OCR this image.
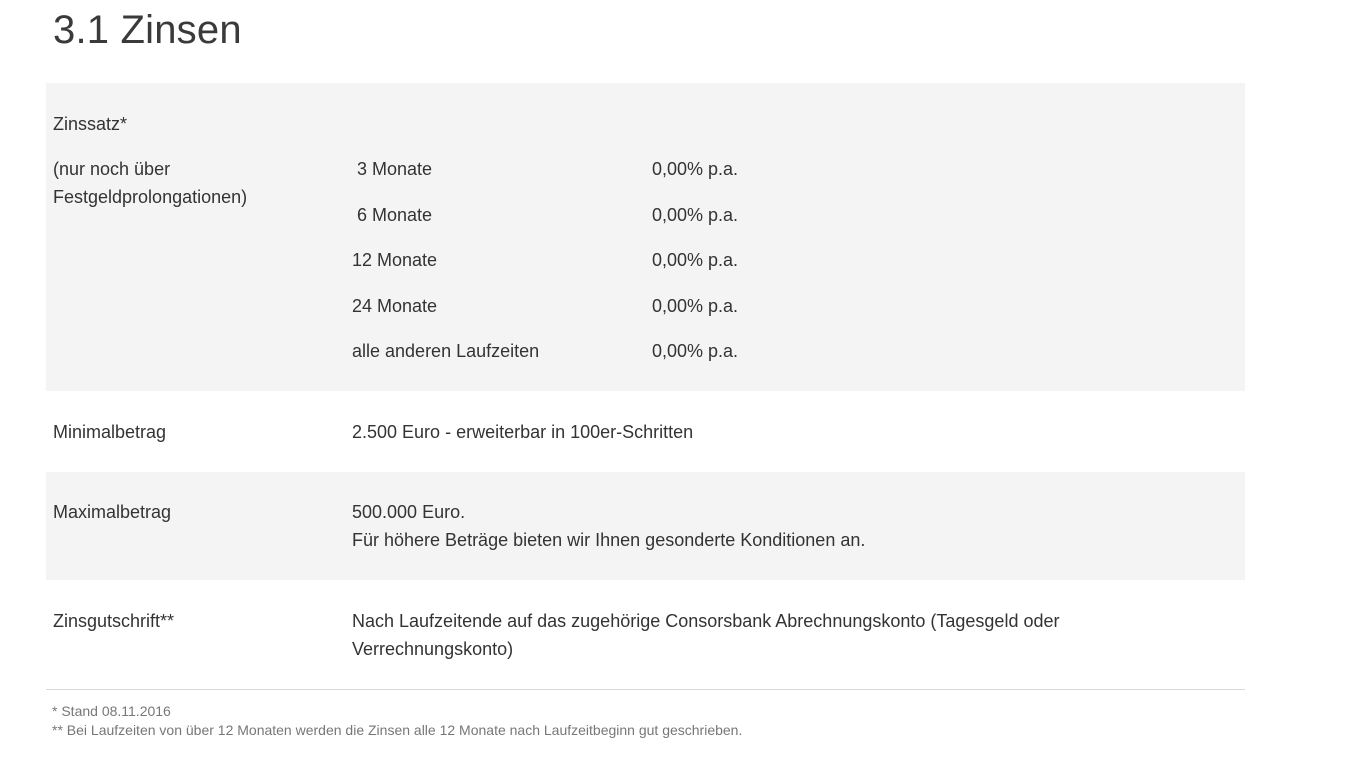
3.1 Zinsen
Zinssatz*
(nur noch über
Festgeldprolongationen)
3 Monate	0,00% p.a.
6 Monate	0,00% p.a.
12 Monate	0,00% p.a.
24 Monate	0,00% p.a.
alle anderen Laufzeiten	0,00% p.a.
Minimalbetrag	2.500 Euro - erweiterbar in 100er-Schritten
Maximalbetrag	500.000 Euro.
Für höhere Beträge bieten wir Ihnen gesonderte Konditionen an.
Zinsgutschrift**	Nach Laufzeitende auf das zugehörige Consorsbank Abrechnungskonto (Tagesgeld oder
Verrechnungskonto)
* Stand 08.11.2016
** Bei Laufzeiten von über 12 Monaten werden die Zinsen alle 12 Monate nach Laufzeitbeginn gut geschrieben.
